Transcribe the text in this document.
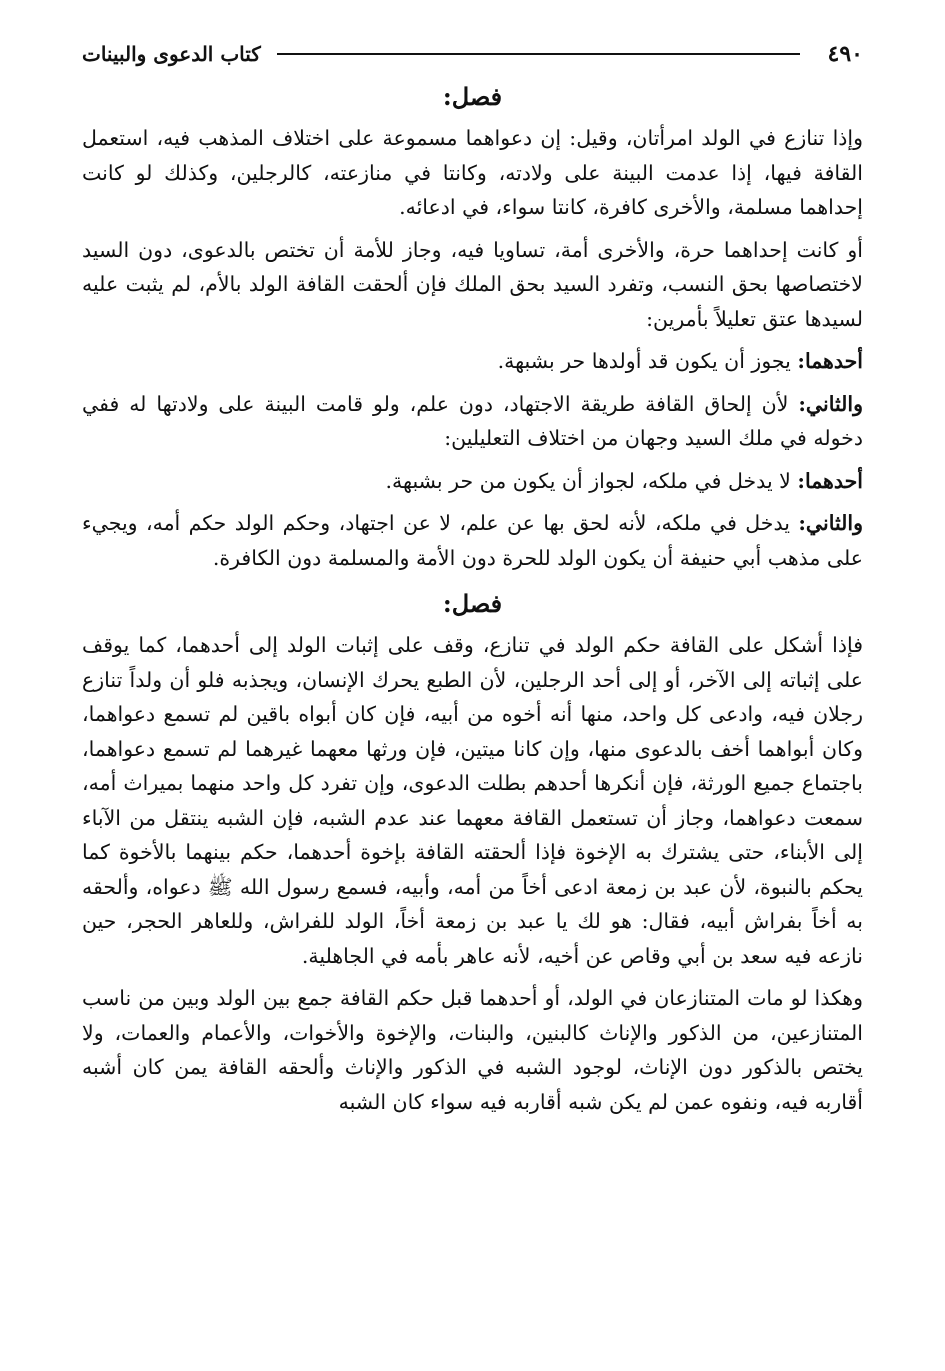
٤٩٠
كتاب الدعوى والبينات
فصل:

وإذا تنازع في الولد امرأتان، وقيل: إن دعواهما مسموعة على اختلاف المذهب فيه، استعمل القافة فيها، إذا عدمت البينة على ولادته، وكانتا في منازعته، كالرجلين، وكذلك لو كانت إحداهما مسلمة، والأخرى كافرة، كانتا سواء، في ادعائه.

أو كانت إحداهما حرة، والأخرى أمة، تساويا فيه، وجاز للأمة أن تختص بالدعوى، دون السيد لاختصاصها بحق النسب، وتفرد السيد بحق الملك فإن ألحقت القافة الولد بالأم، لم يثبت عليه لسيدها عتق تعليلاً بأمرين:

أحدهما: يجوز أن يكون قد أولدها حر بشبهة.

والثاني: لأن إلحاق القافة طريقة الاجتهاد، دون علم، ولو قامت البينة على ولادتها له ففي دخوله في ملك السيد وجهان من اختلاف التعليلين:

أحدهما: لا يدخل في ملكه، لجواز أن يكون من حر بشبهة.

والثاني: يدخل في ملكه، لأنه لحق بها عن علم، لا عن اجتهاد، وحكم الولد حكم أمه، ويجيء على مذهب أبي حنيفة أن يكون الولد للحرة دون الأمة والمسلمة دون الكافرة.

فصل:

فإذا أشكل على القافة حكم الولد في تنازع، وقف على إثبات الولد إلى أحدهما، كما يوقف على إثباته إلى الآخر، أو إلى أحد الرجلين، لأن الطبع يحرك الإنسان، ويجذبه فلو أن ولداً تنازع رجلان فيه، وادعى كل واحد، منها أنه أخوه من أبيه، فإن كان أبواه باقين لم تسمع دعواهما، وكان أبواهما أخف بالدعوى منها، وإن كانا ميتين، فإن ورثها معهما غيرهما لم تسمع دعواهما، باجتماع جميع الورثة، فإن أنكرها أحدهم بطلت الدعوى، وإن تفرد كل واحد منهما بميراث أمه، سمعت دعواهما، وجاز أن تستعمل القافة معهما عند عدم الشبه، فإن الشبه ينتقل من الآباء إلى الأبناء، حتى يشترك به الإخوة فإذا ألحقته القافة بإخوة أحدهما، حكم بينهما بالأخوة كما يحكم بالنبوة، لأن عبد بن زمعة ادعى أخاً من أمه، وأبيه، فسمع رسول الله ﷺ دعواه، وألحقه به أخاً بفراش أبيه، فقال: هو لك يا عبد بن زمعة أخاً، الولد للفراش، وللعاهر الحجر، حين نازعه فيه سعد بن أبي وقاص عن أخيه، لأنه عاهر بأمه في الجاهلية.

وهكذا لو مات المتنازعان في الولد، أو أحدهما قبل حكم القافة جمع بين الولد وبين من ناسب المتنازعين، من الذكور والإناث كالبنين، والبنات، والإخوة والأخوات، والأعمام والعمات، ولا يختص بالذكور دون الإناث، لوجود الشبه في الذكور والإناث وألحقه القافة يمن كان أشبه أقاربه فيه، ونفوه عمن لم يكن شبه أقاربه فيه سواء كان الشبه
